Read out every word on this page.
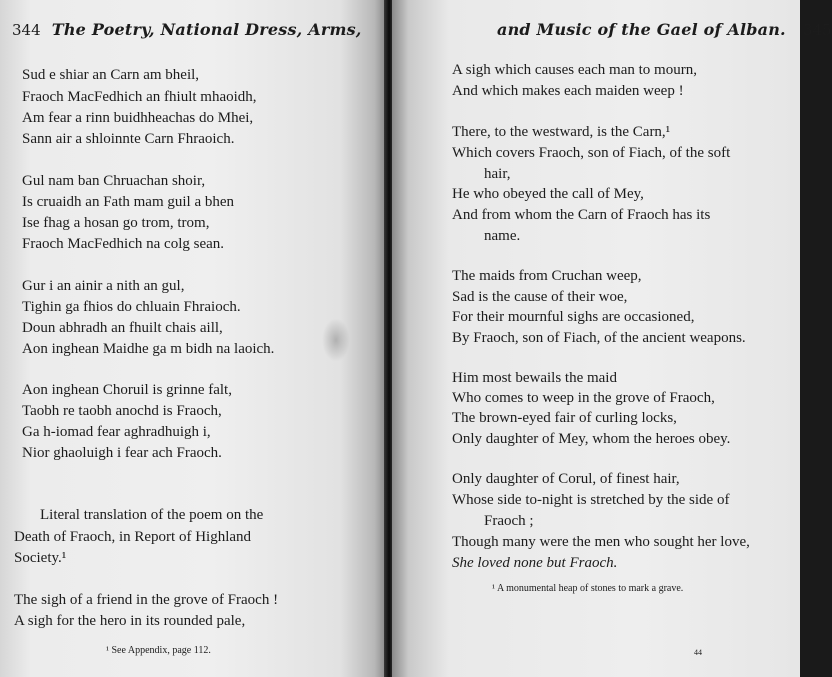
344 The Poetry, National Dress, Arms,
Sud e shiar an Carn am bheil,
Fraoch MacFedhich an fhiult mhaoidh,
Am fear a rinn buidhheachas do Mhei,
Sann air a shloinnte Carn Fhraoich.
Gul nam ban Chruachan shoir,
Is cruaidh an Fath mam guil a bhen
Ise fhag a hosan go trom, trom,
Fraoch MacFedhich na colg sean.
Gur i an ainir a nith an gul,
Tighin ga fhios do chluain Fhraioch.
Doun abhradh an fhuilt chais aill,
Aon inghean Maidhe ga m bidh na laoich.
Aon inghean Choruil is grinne falt,
Taobh re taobh anochd is Fraoch,
Ga h-iomad fear aghradhuigh i,
Nior ghaoluigh i fear ach Fraoch.
Literal translation of the poem on the
Death of Fraoch, in Report of Highland
Society.¹
The sigh of a friend in the grove of Fraoch !
A sigh for the hero in its rounded pale,
¹ See Appendix, page 112.
and Music of the Gael of Alban. 345
A sigh which causes each man to mourn,
And which makes each maiden weep !
There, to the westward, is the Carn,¹
Which covers Fraoch, son of Fiach, of the soft
hair,
He who obeyed the call of Mey,
And from whom the Carn of Fraoch has its
name.
The maids from Cruchan weep,
Sad is the cause of their woe,
For their mournful sighs are occasioned,
By Fraoch, son of Fiach, of the ancient weapons.
Him most bewails the maid
Who comes to weep in the grove of Fraoch,
The brown-eyed fair of curling locks,
Only daughter of Mey, whom the heroes obey.
Only daughter of Corul, of finest hair,
Whose side to-night is stretched by the side of
Fraoch ;
Though many were the men who sought her love,
She loved none but Fraoch.
¹ A monumental heap of stones to mark a grave.
44
